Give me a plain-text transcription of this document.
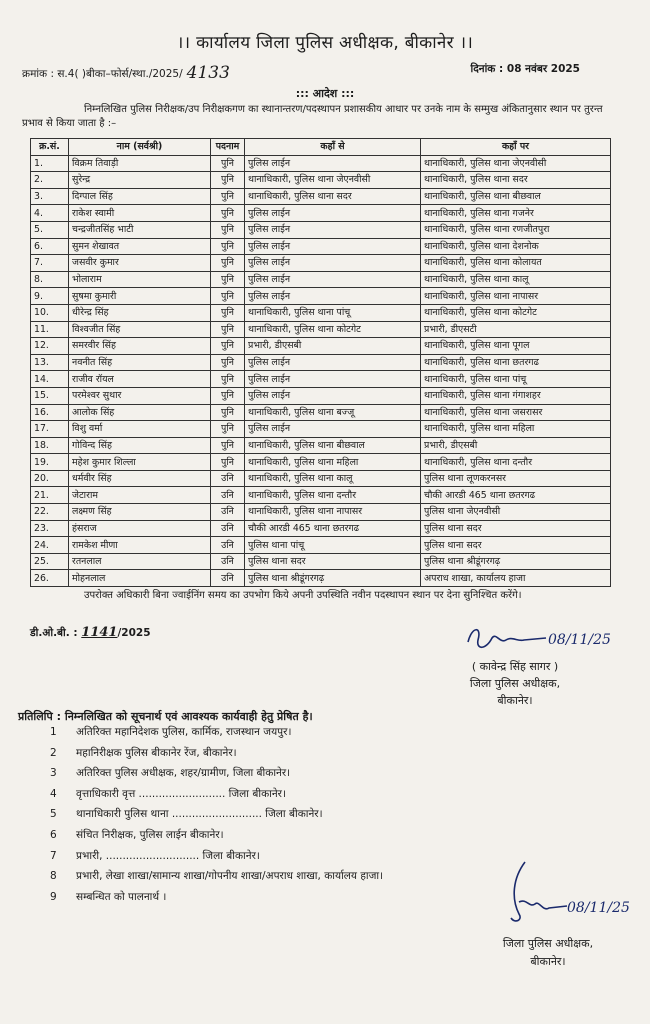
।। कार्यालय जिला पुलिस अधीक्षक, बीकानेर ।।
क्रमांक : स.4( )बीका–फोर्स/स्था./2025/ 4133	दिनांक : 08 नवंबर 2025
::: आदेश :::
निम्नलिखित पुलिस निरीक्षक/उप निरीक्षकगण का स्थानान्तरण/पदस्थापन प्रशासकीय आधार पर उनके नाम के सम्मुख अंकितानुसार स्थान पर तुरन्त प्रभाव से किया जाता है :–
क्र.सं.	नाम (सर्वश्री)	पदनाम	कहाँ से	कहाँ पर
1.	विक्रम तिवाड़ी	पुनि	पुलिस लाईन	थानाधिकारी, पुलिस थाना जेएनवीसी
2.	सुरेन्द्र	पुनि	थानाधिकारी, पुलिस थाना जेएनवीसी	थानाधिकारी, पुलिस थाना सदर
3.	दिग्पाल सिंह	पुनि	थानाधिकारी, पुलिस थाना सदर	थानाधिकारी, पुलिस थाना बीछवाल
4.	राकेश स्वामी	पुनि	पुलिस लाईन	थानाधिकारी, पुलिस थाना गजनेर
5.	चन्द्रजीतसिंह भाटी	पुनि	पुलिस लाईन	थानाधिकारी, पुलिस थाना रणजीतपुरा
6.	सुमन शेखावत	पुनि	पुलिस लाईन	थानाधिकारी, पुलिस थाना देशनोक
7.	जसवीर कुमार	पुनि	पुलिस लाईन	थानाधिकारी, पुलिस थाना कोलायत
8.	भोलाराम	पुनि	पुलिस लाईन	थानाधिकारी, पुलिस थाना कालू
9.	सुषमा कुमारी	पुनि	पुलिस लाईन	थानाधिकारी, पुलिस थाना नापासर
10.	धीरेन्द्र सिंह	पुनि	थानाधिकारी, पुलिस थाना पांचू	थानाधिकारी, पुलिस थाना कोटगेट
11.	विश्वजीत सिंह	पुनि	थानाधिकारी, पुलिस थाना कोटगेट	प्रभारी, डीएसटी
12.	समरवीर सिंह	पुनि	प्रभारी, डीएसबी	थानाधिकारी, पुलिस थाना पूगल
13.	नवनीत सिंह	पुनि	पुलिस लाईन	थानाधिकारी, पुलिस थाना छतरगढ
14.	राजीव रॉयल	पुनि	पुलिस लाईन	थानाधिकारी, पुलिस थाना पांचू
15.	परमेश्वर सुथार	पुनि	पुलिस लाईन	थानाधिकारी, पुलिस थाना गंगाशहर
16.	आलोक सिंह	पुनि	थानाधिकारी, पुलिस थाना बज्जू	थानाधिकारी, पुलिस थाना जसरासर
17.	विशु वर्मा	पुनि	पुलिस लाईन	थानाधिकारी, पुलिस थाना महिला
18.	गोविन्द सिंह	पुनि	थानाधिकारी, पुलिस थाना बीछवाल	प्रभारी, डीएसबी
19.	महेश कुमार शिल्ला	पुनि	थानाधिकारी, पुलिस थाना महिला	थानाधिकारी, पुलिस थाना दन्तौर
20.	धर्मवीर सिंह	उनि	थानाधिकारी, पुलिस थाना कालू	पुलिस थाना लूणकरनसर
21.	जेटाराम	उनि	थानाधिकारी, पुलिस थाना दन्तौर	चौकी आरडी 465 थाना छतरगढ
22.	लक्ष्मण सिंह	उनि	थानाधिकारी, पुलिस थाना नापासर	पुलिस थाना जेएनवीसी
23.	हंसराज	उनि	चौकी आरडी 465 थाना छतरगढ	पुलिस थाना सदर
24.	रामकेश मीणा	उनि	पुलिस थाना पांचू	पुलिस थाना सदर
25.	रतनलाल	उनि	पुलिस थाना सदर	पुलिस थाना श्रीडूंगरगढ़
26.	मोहनलाल	उनि	पुलिस थाना श्रीडूंगरगढ़	अपराध शाखा, कार्यालय हाजा
उपरोक्त अधिकारी बिना ज्वाईनिंग समय का उपभोग किये अपनी उपस्थिति नवीन पदस्थापन स्थान पर देना सुनिश्चित करेंगे।
डी.ओ.बी. : 1141/2025	08/11/25
( कावेन्द्र सिंह सागर )
जिला पुलिस अधीक्षक,
बीकानेर।
प्रतिलिपि : निम्नलिखित को सूचनार्थ एवं आवश्यक कार्यवाही हेतु प्रेषित है।
1 अतिरिक्त महानिदेशक पुलिस, कार्मिक, राजस्थान जयपुर।
2 महानिरीक्षक पुलिस बीकानेर रेंज, बीकानेर।
3 अतिरिक्त पुलिस अधीक्षक, शहर/ग्रामीण, जिला बीकानेर।
4 वृत्ताधिकारी वृत्त .......................... जिला बीकानेर।
5 थानाधिकारी पुलिस थाना ........................... जिला बीकानेर।
6 संचित निरीक्षक, पुलिस लाईन बीकानेर।
7 प्रभारी, ............................ जिला बीकानेर।
8 प्रभारी, लेखा शाखा/सामान्य शाखा/गोपनीय शाखा/अपराध शाखा, कार्यालय हाजा।
9 सम्बन्धित को पालनार्थ ।
08/11/25
जिला पुलिस अधीक्षक,
बीकानेर।
